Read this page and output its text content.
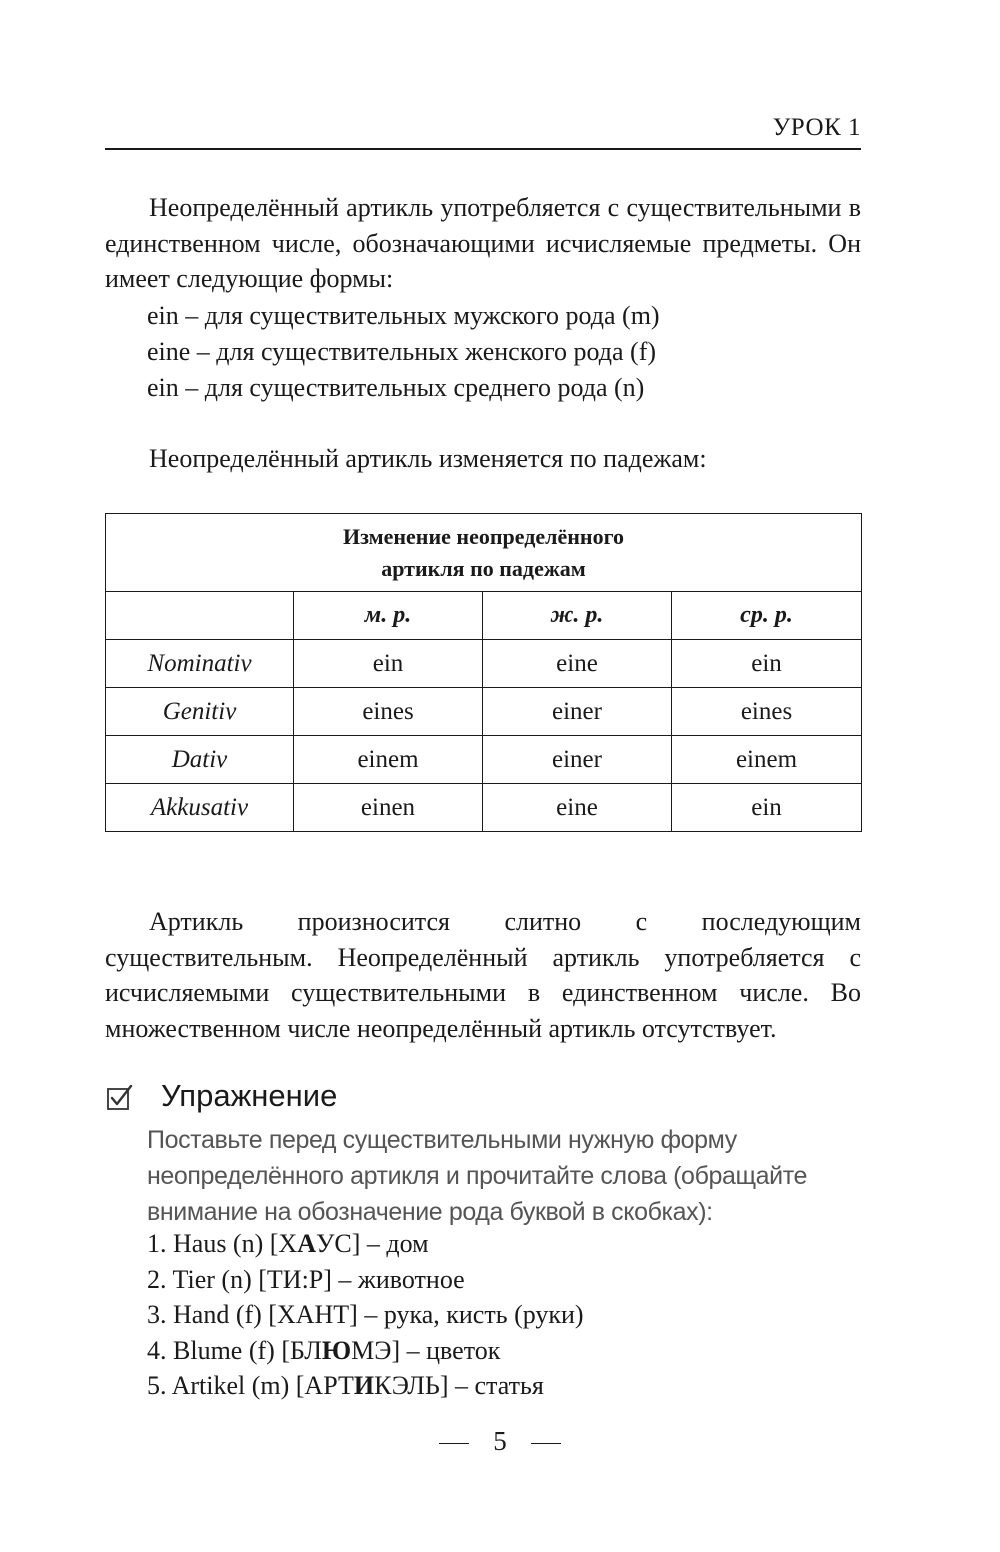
УРОК 1

Неопределённый артикль употребляется с существительными в единственном числе, обозначающими исчисляемые предметы. Он имеет следующие формы:

ein – для существительных мужского рода (m)
eine – для существительных женского рода (f)
ein – для существительных среднего рода (n)

Неопределённый артикль изменяется по падежам:

Изменение неопределённого
артикля по падежам			

	м. р.	ж. р.	ср. р.
Nominativ	ein	eine	ein
Genitiv	eines	einer	eines
Dativ	einem	einer	einem
Akkusativ	einen	eine	ein

Артикль произносится слитно с последующим существительным. Неопределённый артикль употребляется с исчисляемыми существительными в единственном числе. Во множественном числе неопределённый артикль отсутствует.

Упражнение
Поставьте перед существительными нужную форму неопределённого артикля и прочитайте слова (обращайте внимание на обозначение рода буквой в скобках):
1. Haus (n) [ХАУС] – дом
2. Tier (n) [ТИ:Р] – животное
3. Hand (f) [ХАНТ] – рука, кисть (руки)
4. Blume (f) [БЛЮМЭ] – цветок
5. Artikel (m) [АРТИКЭЛЬ] – статья
5
